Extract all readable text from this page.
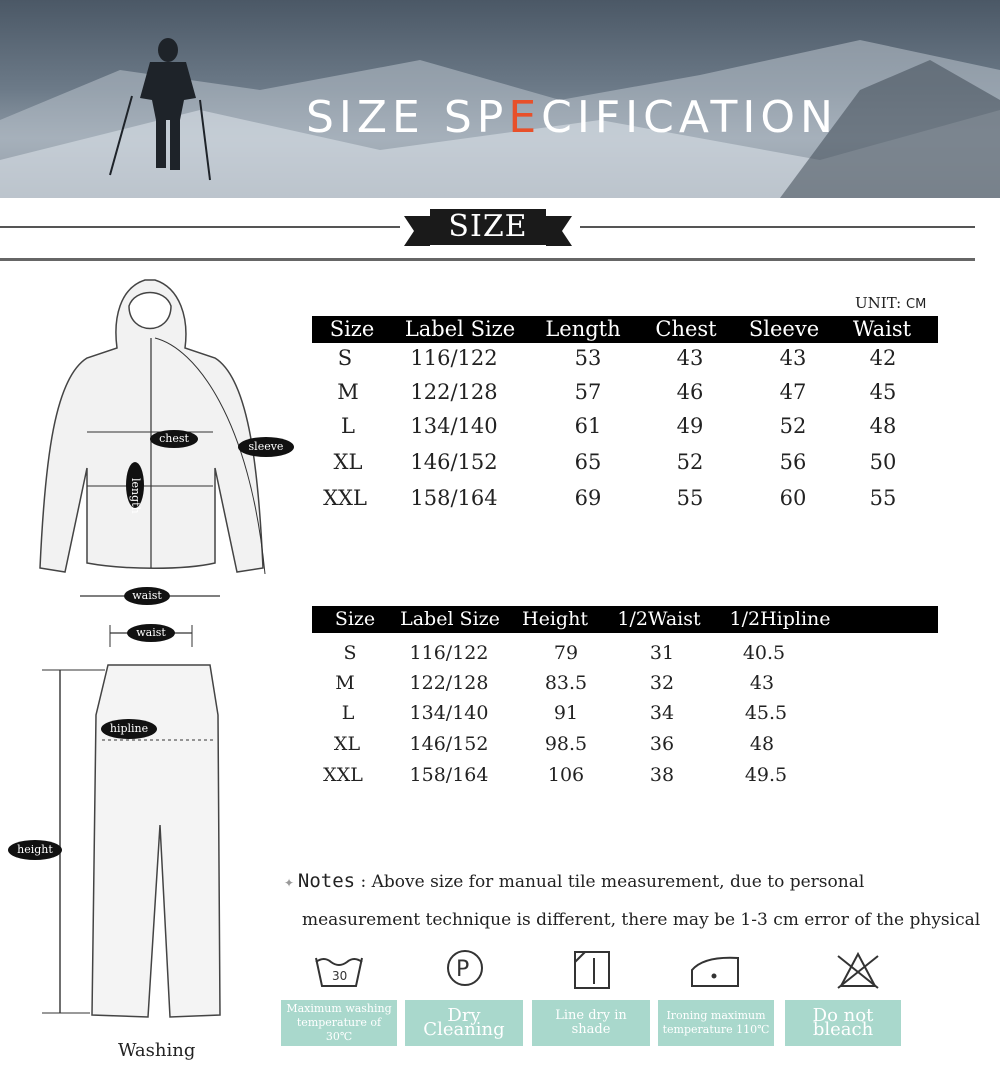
SIZE SPECIFICATION
SIZE
chest
sleeve
length
waist
waist
hipline
height
UNIT: CM
Size Label Size Length Chest Sleeve Waist
S	116/122	53	43	43	42
M 122/128	57	46	47	45
L	134/140	61	49	52	48
XL 146/152	65	52	56	50
XXL 158/164	69	55	60	55
Size Label Size Height 1/2Waist 1/2Hipline
S	116/122	79	31	40.5
M	122/128	83.5	32	43
L	134/140	91	34	45.5
XL	146/152	98.5	36	48
XXL 158/164	106	38	49.5
✦ Notes : Above size for manual tile measurement, due to personal
measurement technique is different, there may be 1-3 cm error of the physical
30	P
Maximum washing temperature of 30℃
Dry Cleaning
Line dry in shade
Ironing maximum temperature 110℃
Do not bleach
Washing
